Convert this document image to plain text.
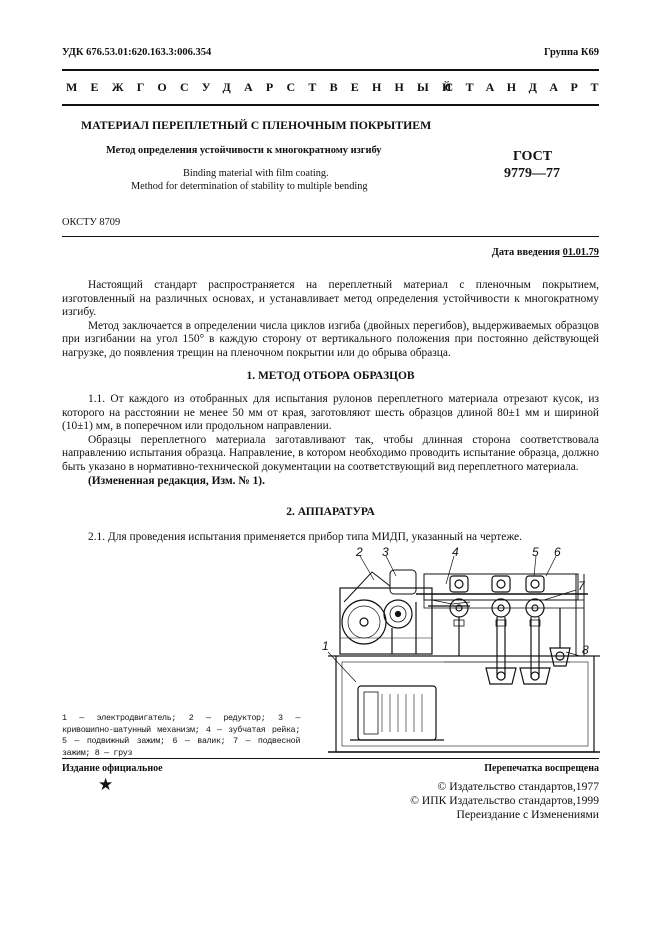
УДК 676.53.01:620.163.3:006.354	Группа К69
МЕЖГОСУДАРСТВЕННЫЙ
СТАНДАРТ
МАТЕРИАЛ ПЕРЕПЛЕТНЫЙ С ПЛЕНОЧНЫМ ПОКРЫТИЕМ
Метод определения устойчивости к многократному изгибу
Binding material with film coating.
Method for determination of stability to multiple bending
ГОСТ
9779—77
ОКСТУ 8709
Дата введения 01.01.79

Настоящий стандарт распространяется на переплетный материал с пленочным покрытием, изготовленный на различных основах, и устанавливает метод определения устойчивости к многократному изгибу.

Метод заключается в определении числа циклов изгиба (двойных перегибов), выдерживаемых образцов при изгибании на угол 150° в каждую сторону от вертикального положения при постоянно действующей нагрузке, до появления трещин на пленочном покрытии или до обрыва образца.

1. МЕТОД ОТБОРА ОБРАЗЦОВ

1.1. От каждого из отобранных для испытания рулонов переплетного материала отрезают кусок, из которого на расстоянии не менее 50 мм от края, заготовляют шесть образцов длиной 80±1 мм и шириной (10±1) мм, в поперечном или продольном направлении.

Образцы переплетного материала заготавливают так, чтобы длинная сторона соответствовала направлению испытания образца. Направление, в котором необходимо проводить испытание образца, должно быть указано в нормативно-технической документации на соответствующий вид переплетного материала.

(Измененная редакция, Изм. № 1).

2. АППАРАТУРА

2.1. Для проведения испытания применяется прибор типа МИДП, указанный на чертеже.

2 3	4	5 6
7
8
1
1 — электродвигатель; 2 — редуктор; 3 — кривошипно-шатунный механизм; 4 — зубчатая рейка; 5 — подвижный зажим; 6 — валик; 7 — подвесной зажим; 8 — груз
Издание официальное	Перепечатка воспрещена
★	© Издательство стандартов,1977
© ИПК Издательство стандартов,1999
Переиздание с Изменениями
